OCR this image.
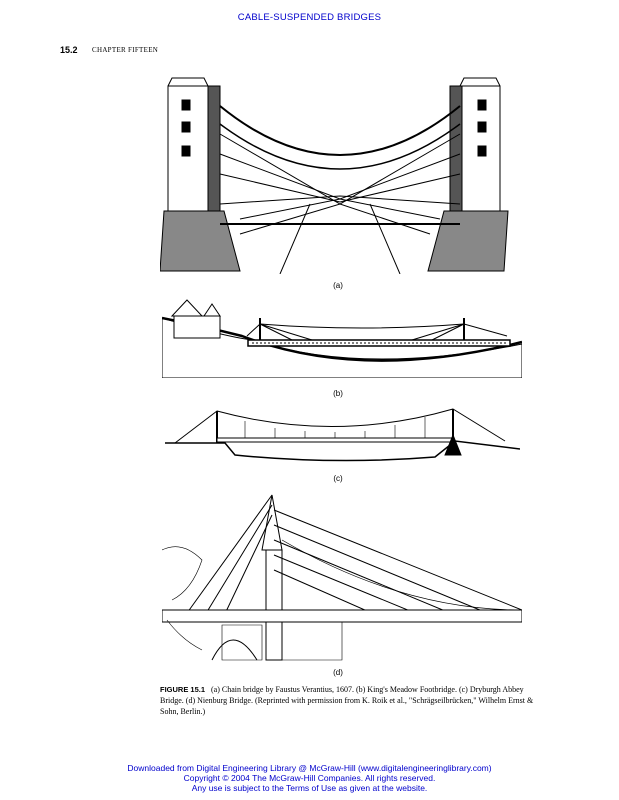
CABLE-SUSPENDED BRIDGES
15.2 CHAPTER FIFTEEN
(a)
(b)
(c)
(d)
FIGURE 15.1 (a) Chain bridge by Faustus Verantius, 1607. (b) King's Meadow Footbridge. (c) Dryburgh Abbey Bridge. (d) Nienburg Bridge. (Reprinted with permission from K. Roik et al., "Schrägseilbrücken," Wilhelm Ernst & Sohn, Berlin.)
Downloaded from Digital Engineering Library @ McGraw-Hill (www.digitalengineeringlibrary.com)
Copyright © 2004 The McGraw-Hill Companies. All rights reserved.
Any use is subject to the Terms of Use as given at the website.
